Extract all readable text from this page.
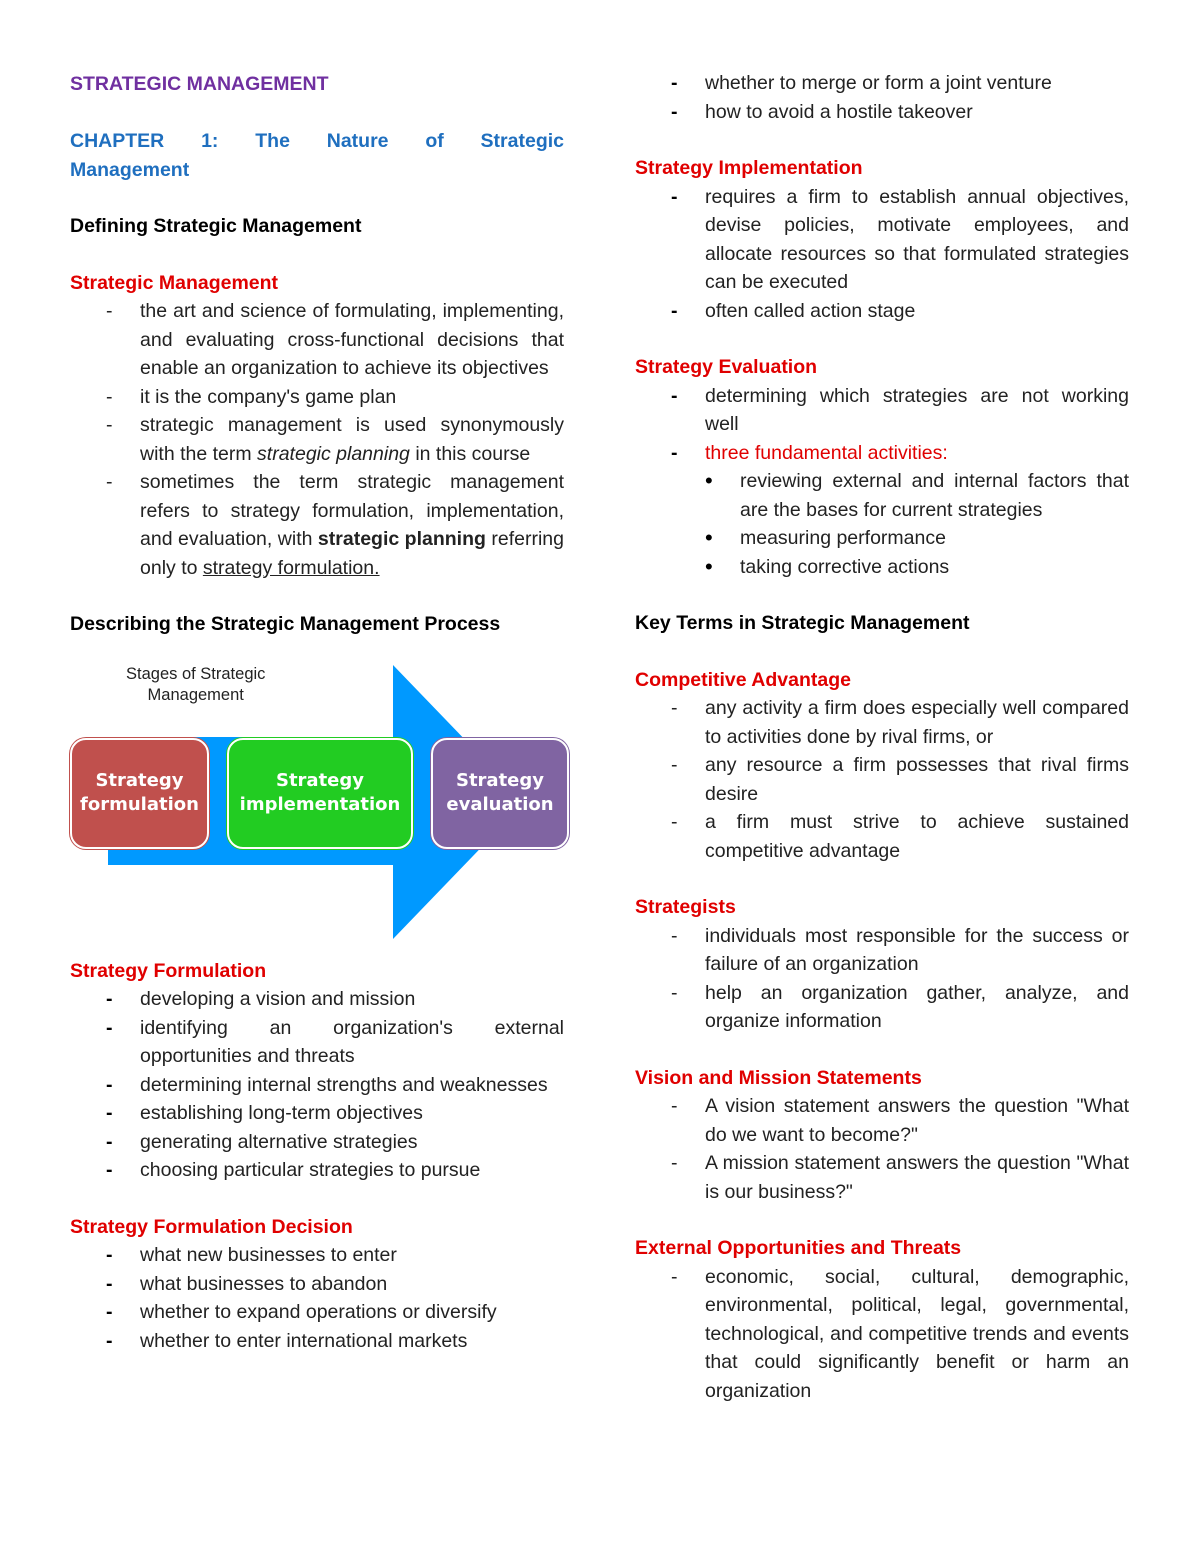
STRATEGIC MANAGEMENT
CHAPTER 1: The Nature of Strategic
Management
Defining Strategic Management
Strategic Management
- the art and science of formulating, implementing, and evaluating cross-functional decisions that enable an organization to achieve its objectives
- it is the company's game plan
- strategic management is used synonymously with the term strategic planning in this course
- sometimes the term strategic management refers to strategy formulation, implementation, and evaluation, with strategic planning referring only to strategy formulation.
Describing the Strategic Management Process
Stages of Strategic
Management
Strategy
formulation
Strategy
implementation
Strategy
evaluation
Strategy Formulation
- developing a vision and mission
- identifying an organization's external opportunities and threats
- determining internal strengths and weaknesses
- establishing long-term objectives
- generating alternative strategies
- choosing particular strategies to pursue
Strategy Formulation Decision
- what new businesses to enter
- what businesses to abandon
- whether to expand operations or diversify
- whether to enter international markets
- whether to merge or form a joint venture
- how to avoid a hostile takeover
Strategy Implementation
- requires a firm to establish annual objectives, devise policies, motivate employees, and allocate resources so that formulated strategies can be executed
- often called action stage
Strategy Evaluation
- determining which strategies are not working well
- three fundamental activities:
• reviewing external and internal factors that are the bases for current strategies
• measuring performance
• taking corrective actions
Key Terms in Strategic Management
Competitive Advantage
- any activity a firm does especially well compared to activities done by rival firms, or
- any resource a firm possesses that rival firms desire
- a firm must strive to achieve sustained competitive advantage
Strategists
- individuals most responsible for the success or failure of an organization
- help an organization gather, analyze, and organize information
Vision and Mission Statements
- A vision statement answers the question "What do we want to become?"
- A mission statement answers the question "What is our business?"
External Opportunities and Threats
- economic, social, cultural, demographic, environmental, political, legal, governmental, technological, and competitive trends and events that could significantly benefit or harm an organization
